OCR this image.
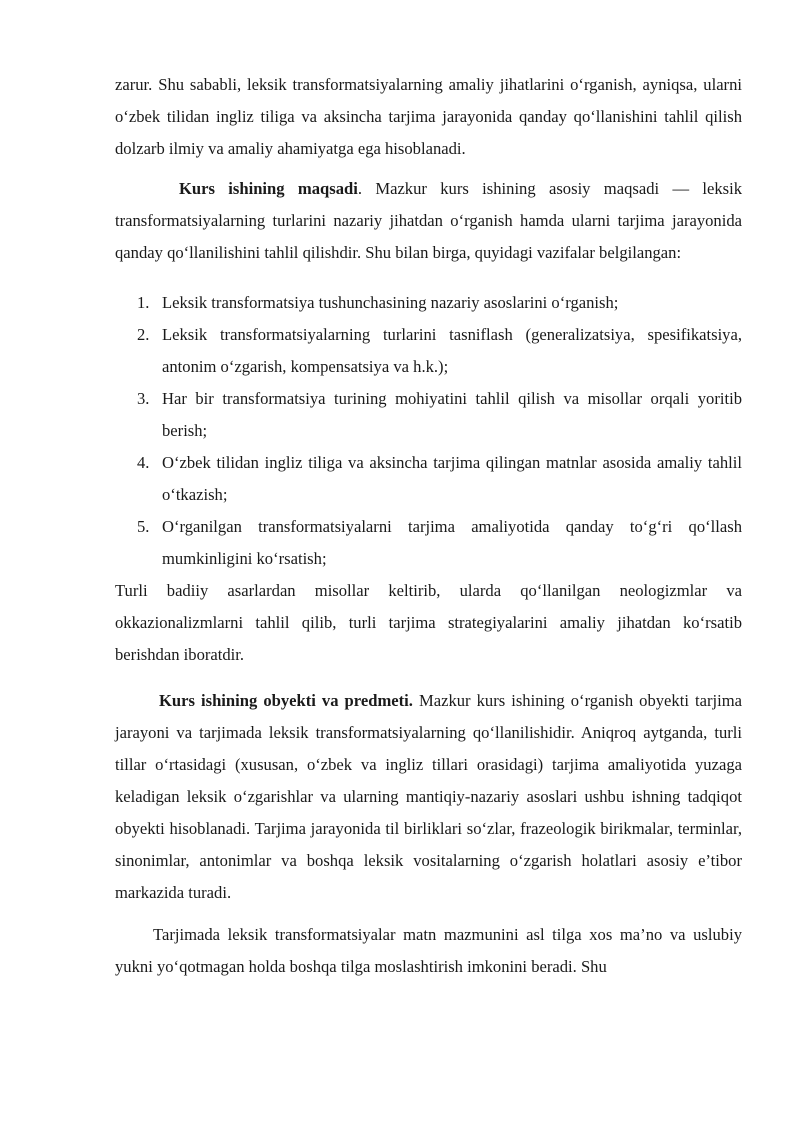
zarur. Shu sababli, leksik transformatsiyalarning amaliy jihatlarini o‘rganish, ayniqsa, ularni o‘zbek tilidan ingliz tiliga va aksincha tarjima jarayonida qanday qo‘llanishini tahlil qilish dolzarb ilmiy va amaliy ahamiyatga ega hisoblanadi.

Kurs ishining maqsadi. Mazkur kurs ishining asosiy maqsadi — leksik transformatsiyalarning turlarini nazariy jihatdan o‘rganish hamda ularni tarjima jarayonida qanday qo‘llanilishini tahlil qilishdir. Shu bilan birga, quyidagi vazifalar belgilangan:

1. Leksik transformatsiya tushunchasining nazariy asoslarini o‘rganish;
2. Leksik transformatsiyalarning turlarini tasniflash (generalizatsiya, spesifikatsiya, antonim o‘zgarish, kompensatsiya va h.k.);
3. Har bir transformatsiya turining mohiyatini tahlil qilish va misollar orqali yoritib berish;
4. O‘zbek tilidan ingliz tiliga va aksincha tarjima qilingan matnlar asosida amaliy tahlil o‘tkazish;
5. O‘rganilgan transformatsiyalarni tarjima amaliyotida qanday to‘g‘ri qo‘llash mumkinligini ko‘rsatish;

Turli badiiy asarlardan misollar keltirib, ularda qo‘llanilgan neologizmlar va okkazionalizmlarni tahlil qilib, turli tarjima strategiyalarini amaliy jihatdan ko‘rsatib berishdan iboratdir.

Kurs ishining obyekti va predmeti. Mazkur kurs ishining o‘rganish obyekti tarjima jarayoni va tarjimada leksik transformatsiyalarning qo‘llanilishidir. Aniqroq aytganda, turli tillar o‘rtasidagi (xususan, o‘zbek va ingliz tillari orasidagi) tarjima amaliyotida yuzaga keladigan leksik o‘zgarishlar va ularning mantiqiy-nazariy asoslari ushbu ishning tadqiqot obyekti hisoblanadi. Tarjima jarayonida til birliklari so‘zlar, frazeologik birikmalar, terminlar, sinonimlar, antonimlar va boshqa leksik vositalarning o‘zgarish holatlari asosiy e’tibor markazida turadi.

Tarjimada leksik transformatsiyalar matn mazmunini asl tilga xos ma’no va uslubiy yukni yo‘qotmagan holda boshqa tilga moslashtirish imkonini beradi. Shu
